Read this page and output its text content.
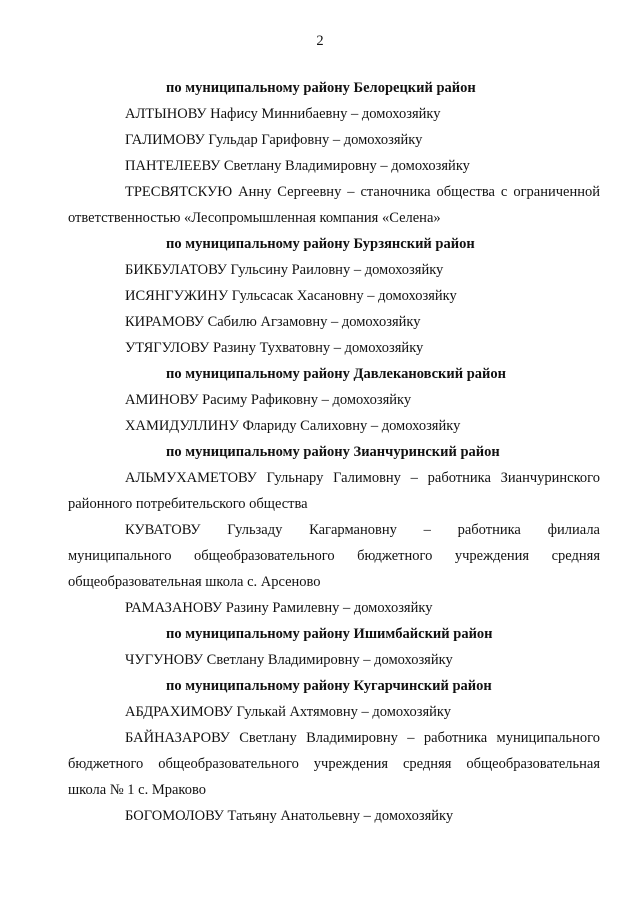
2
по муниципальному району Белорецкий район

АЛТЫНОВУ Нафису Миннибаевну – домохозяйку

ГАЛИМОВУ Гульдар Гарифовну – домохозяйку

ПАНТЕЛЕЕВУ Светлану Владимировну – домохозяйку

ТРЕСВЯТСКУЮ Анну Сергеевну – станочника общества с ограниченной
ответственностью «Лесопромышленная компания «Селена»

по муниципальному району Бурзянский район

БИКБУЛАТОВУ Гульсину Раиловну – домохозяйку

ИСЯНГУЖИНУ Гульсасак Хасановну – домохозяйку

КИРАМОВУ Сабилю Агзамовну – домохозяйку

УТЯГУЛОВУ Разину Тухватовну – домохозяйку

по муниципальному району Давлекановский район

АМИНОВУ Расиму Рафиковну – домохозяйку

ХАМИДУЛЛИНУ Флариду Салиховну – домохозяйку

по муниципальному району Зианчуринский район

АЛЬМУХАМЕТОВУ Гульнару Галимовну – работника Зианчуринского
районного потребительского общества

КУВАТОВУ Гульзаду Кагармановну – работника филиала
муниципального общеобразовательного бюджетного учреждения средняя
общеобразовательная школа с. Арсеново

РАМАЗАНОВУ Разину Рамилевну – домохозяйку

по муниципальному району Ишимбайский район

ЧУГУНОВУ Светлану Владимировну – домохозяйку

по муниципальному району Кугарчинский район

АБДРАХИМОВУ Гулькай Ахтямовну – домохозяйку

БАЙНАЗАРОВУ Светлану Владимировну – работника муниципального
бюджетного общеобразовательного учреждения средняя общеобразовательная
школа № 1 с. Мраково

БОГОМОЛОВУ Татьяну Анатольевну – домохозяйку
